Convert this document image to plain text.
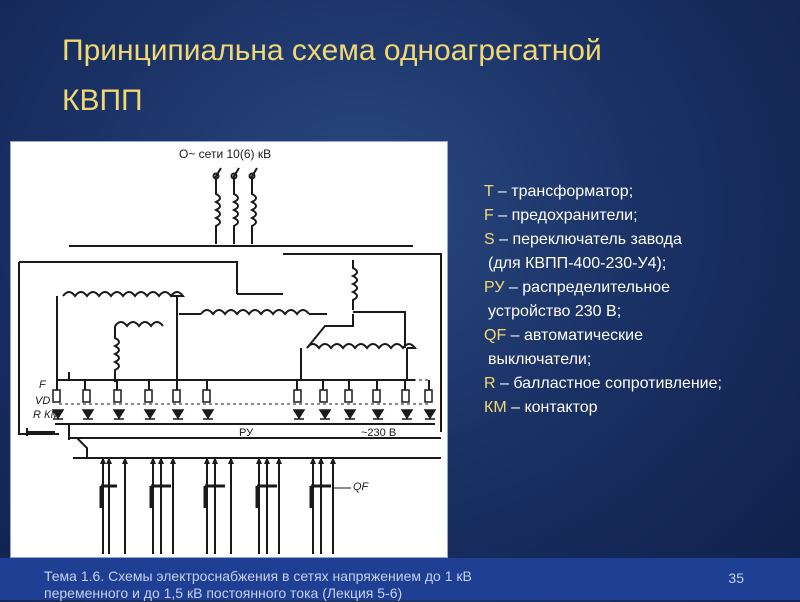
Принципиальна схема одноагрегатной
КВПП
О~ сети 10(6) кВ
F
VD
R КМ
РУ	~230 В
QF
T – трансформатор;
F – предохранители;
S – переключатель завода
(для КВПП-400-230-У4);
РУ – распределительное
устройство 230 В;
QF – автоматические
выключатели;
R – балластное сопротивление;
КМ – контактор
Тема 1.6. Схемы электроснабжения в сетях напряжением до 1 кВ
переменного и до 1,5 кВ постоянного тока (Лекция 5-6)
35
